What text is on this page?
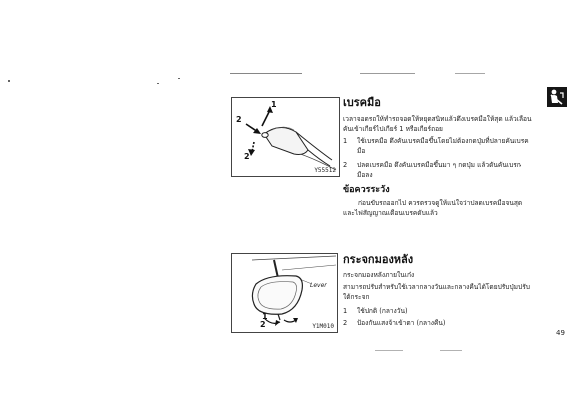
1
2
2
Y55512
เบรคมือ
เวลาจอดรถให้ทำรถจอดให้หยุดสนิทแล้วดึงเบรคมือให้สุด แล้วเลื่อน
คันเข้าเกียร์ไปเกียร์ 1 หรือเกียร์ถอย
1	ใช้เบรคมือ ดึงคันเบรคมือขึ้นโดยไม่ต้องกดปุ่มที่ปลายคันเบรค
มือ
2	ปลดเบรคมือ ดึงคันเบรคมือขึ้นมา ๆ กดปุ่ม แล้วดันคันเบรก
มือลง
ข้อควรระวัง
ก่อนขับรถออกไป ควรตรวจดูให้แน่ใจว่าปลดเบรคมือจนสุด
และไฟสัญญาณเตือนเบรคดับแล้ว
Lever
1
2	Y1M010
กระจกมองหลัง
กระจกมองหลังภายในเก๋ง
สามารถปรับสำหรับใช้เวลากลางวันและกลางคืนได้โดยปรับปุ่มปรับ
ใต้กระจก
1	ใช้ปกติ (กลางวัน)
2	ป้องกันแสงจ้าเข้าตา (กลางคืน)
49
